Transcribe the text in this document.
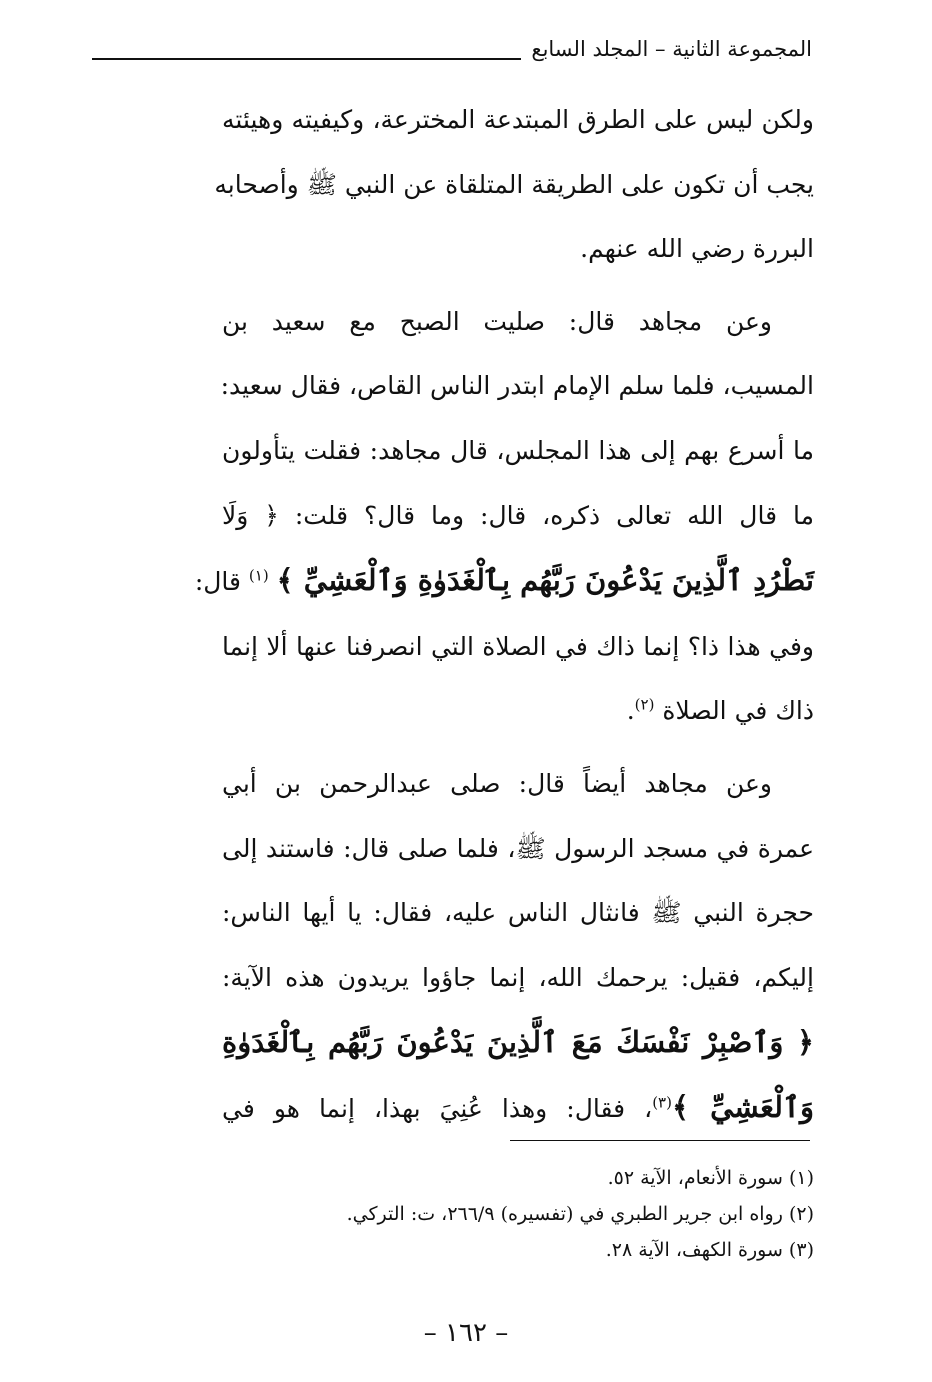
المجموعة الثانية – المجلد السابع

ولكن ليس على الطرق المبتدعة المخترعة، وكيفيته وهيئته
يجب أن تكون على الطريقة المتلقاة عن النبي ﷺ وأصحابه
البررة رضي الله عنهم.

وعن مجاهد قال: صليت الصبح مع سعيد بن
المسيب، فلما سلم الإمام ابتدر الناس القاص، فقال سعيد:
ما أسرع بهم إلى هذا المجلس، قال مجاهد: فقلت يتأولون
ما قال الله تعالى ذكره، قال: وما قال؟ قلت: ﴿ وَلَا
تَطْرُدِ ٱلَّذِينَ يَدْعُونَ رَبَّهُم بِٱلْغَدَوٰةِ وَٱلْعَشِيِّ ﴾ $^{(١)}$ قال:
وفي هذا ذا؟ إنما ذاك في الصلاة التي انصرفنا عنها ألا إنما
ذاك في الصلاة $^{(٢)}$.

وعن مجاهد أيضاً قال: صلى عبدالرحمن بن أبي
عمرة في مسجد الرسول ﷺ، فلما صلى قال: فاستند إلى
حجرة النبي ﷺ فانثال الناس عليه، فقال: يا أيها الناس:
إليكم، فقيل: يرحمك الله، إنما جاؤوا يريدون هذه الآية:
﴿ وَٱصْبِرْ نَفْسَكَ مَعَ ٱلَّذِينَ يَدْعُونَ رَبَّهُم بِٱلْغَدَوٰةِ
وَٱلْعَشِيِّ ﴾$^{(٣)}$، فقال: وهذا عُنِيَ بهذا، إنما هو في

(١) سورة الأنعام، الآية ٥٢.
(٢) رواه ابن جرير الطبري في (تفسيره) ٢٦٦/٩، ت: التركي.
(٣) سورة الكهف، الآية ٢٨.
– ١٦٢ –
